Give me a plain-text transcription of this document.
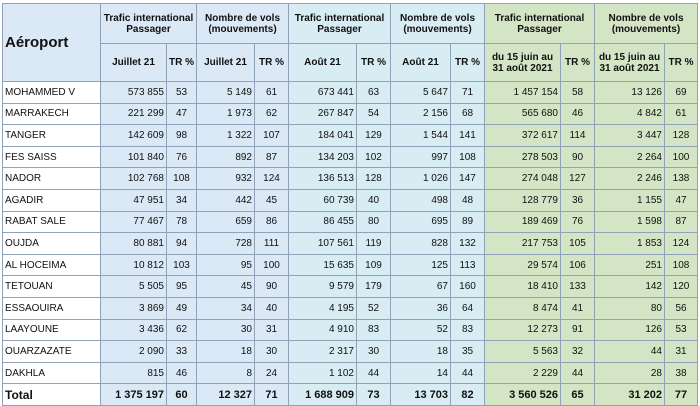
Aéroport	Trafic international Passager		Nombre de vols (mouvements)		Trafic international Passager		Nombre de vols (mouvements)		Trafic international Passager		Nombre de vols (mouvements)	
	Juillet 21	TR %	Juillet 21	TR %	Août 21	TR %	Août 21	TR %	du 15 juin au 31 août 2021	TR %	du 15 juin au 31 août 2021	TR %
MOHAMMED V	573 855	53	5 149	61	673 441	63	5 647	71	1 457 154	58	13 126	69
MARRAKECH	221 299	47	1 973	62	267 847	54	2 156	68	565 680	46	4 842	61
TANGER	142 609	98	1 322	107	184 041	129	1 544	141	372 617	114	3 447	128
FES SAISS	101 840	76	892	87	134 203	102	997	108	278 503	90	2 264	100
NADOR	102 768	108	932	124	136 513	128	1 026	147	274 048	127	2 246	138
AGADIR	47 951	34	442	45	60 739	40	498	48	128 779	36	1 155	47
RABAT SALE	77 467	78	659	86	86 455	80	695	89	189 469	76	1 598	87
OUJDA	80 881	94	728	111	107 561	119	828	132	217 753	105	1 853	124
AL HOCEIMA	10 812	103	95	100	15 635	109	125	113	29 574	106	251	108
TETOUAN	5 505	95	45	90	9 579	179	67	160	18 410	133	142	120
ESSAOUIRA	3 869	49	34	40	4 195	52	36	64	8 474	41	80	56
LAAYOUNE	3 436	62	30	31	4 910	83	52	83	12 273	91	126	53
OUARZAZATE	2 090	33	18	30	2 317	30	18	35	5 563	32	44	31
DAKHLA	815	46	8	24	1 102	44	14	44	2 229	44	28	38
Total	1 375 197	60	12 327	71	1 688 909	73	13 703	82	3 560 526	65	31 202	77
